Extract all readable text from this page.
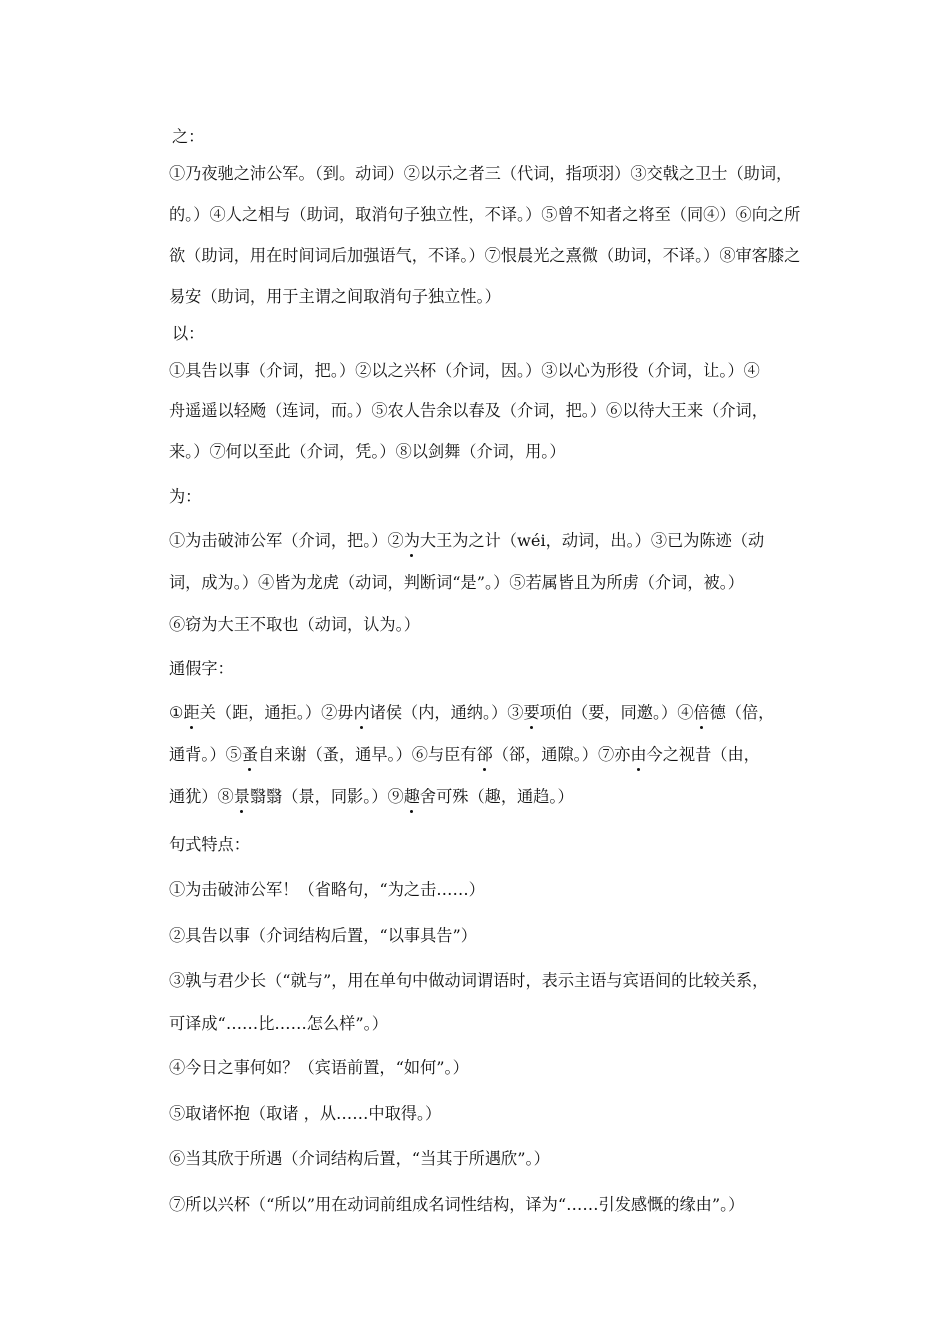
之：
①乃夜驰之沛公军。（到。动词）②以示之者三（代词，指项羽）③交戟之卫士（助词，
的。）④人之相与（助词，取消句子独立性，不译。）⑤曾不知者之将至（同④）⑥向之所
欲（助词，用在时间词后加强语气，不译。）⑦恨晨光之熹微（助词，不译。）⑧审客膝之
易安（助词，用于主谓之间取消句子独立性。）
以：
①具告以事（介词，把。）②以之兴杯（介词，因。）③以心为形役（介词，让。）④
舟遥遥以轻飏（连词，而。）⑤农人告余以春及（介词，把。）⑥以待大王来（介词，
来。）⑦何以至此（介词，凭。）⑧以剑舞（介词，用。）
为：
①为击破沛公军（介词，把。）②为大王为之计（wéi，动词，出。）③已为陈迹（动
词，成为。）④皆为龙虎（动词，判断词“是”。）⑤若属皆且为所虏（介词，被。）
⑥窃为大王不取也（动词，认为。）
通假字：
①距关（距，通拒。）②毋内诸侯（内，通纳。）③要项伯（要，同邀。）④倍德（倍，
通背。）⑤蚤自来谢（蚤，通早。）⑥与臣有郤（郤，通隙。）⑦亦由今之视昔（由，
通犹）⑧景翳翳（景，同影。）⑨趣舍可殊（趣，通趋。）
句式特点：
①为击破沛公军！（省略句，“为之击……）
②具告以事（介词结构后置，“以事具告”）
③孰与君少长（“就与”，用在单句中做动词谓语时，表示主语与宾语间的比较关系，
可译成“……比……怎么样”。）
④今日之事何如？（宾语前置，“如何”。）
⑤取诸怀抱（取诸 ，从……中取得。）
⑥当其欣于所遇（介词结构后置，“当其于所遇欣”。）
⑦所以兴杯（“所以”用在动词前组成名词性结构，译为“……引发感慨的缘由”。）
